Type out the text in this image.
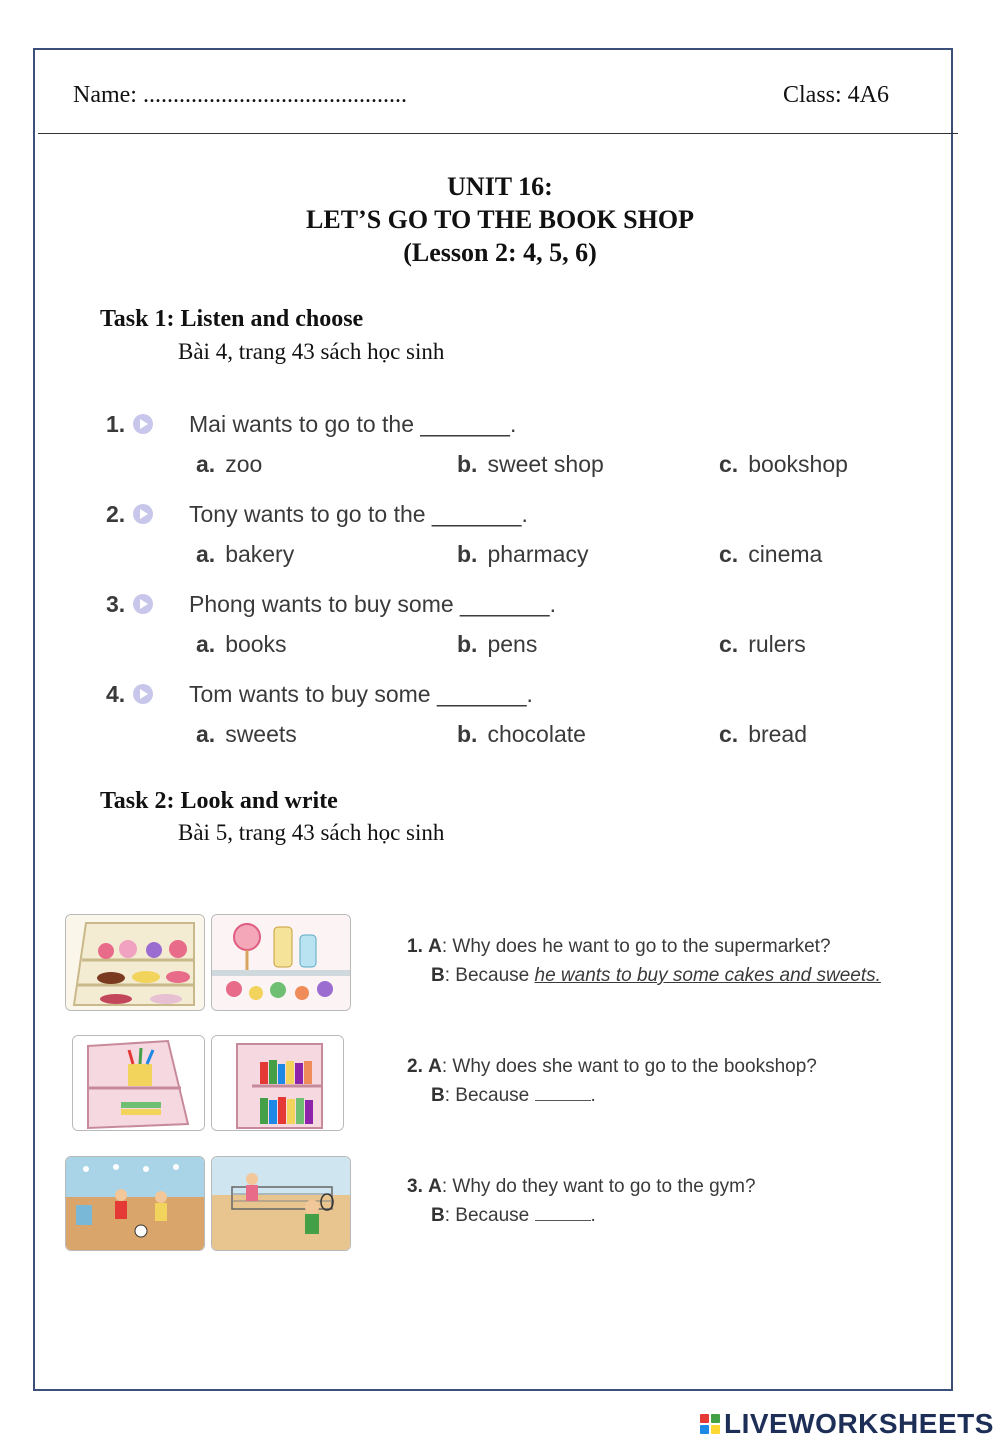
Name: ............................................	Class: 4A6
UNIT 16:
LET’S GO TO THE BOOK SHOP
(Lesson 2: 4, 5, 6)
Task 1: Listen and choose
Bài 4, trang 43 sách học sinh
1.	Mai wants to go to the _______.
a. zoo	b. sweet shop	c. bookshop
2.	Tony wants to go to the _______.
a. bakery	b. pharmacy	c. cinema
3.	Phong wants to buy some _______.
a. books	b. pens	c. rulers
4.	Tom wants to buy some _______.
a. sweets	b. chocolate	c. bread
Task 2: Look and write
Bài 5, trang 43 sách học sinh
1. A: Why does he want to go to the supermarket?
B: Because he wants to buy some cakes and sweets.
2. A: Why does she want to go to the bookshop?
B: Because	.
3. A: Why do they want to go to the gym?
B: Because	.
LIVEWORKSHEETS
